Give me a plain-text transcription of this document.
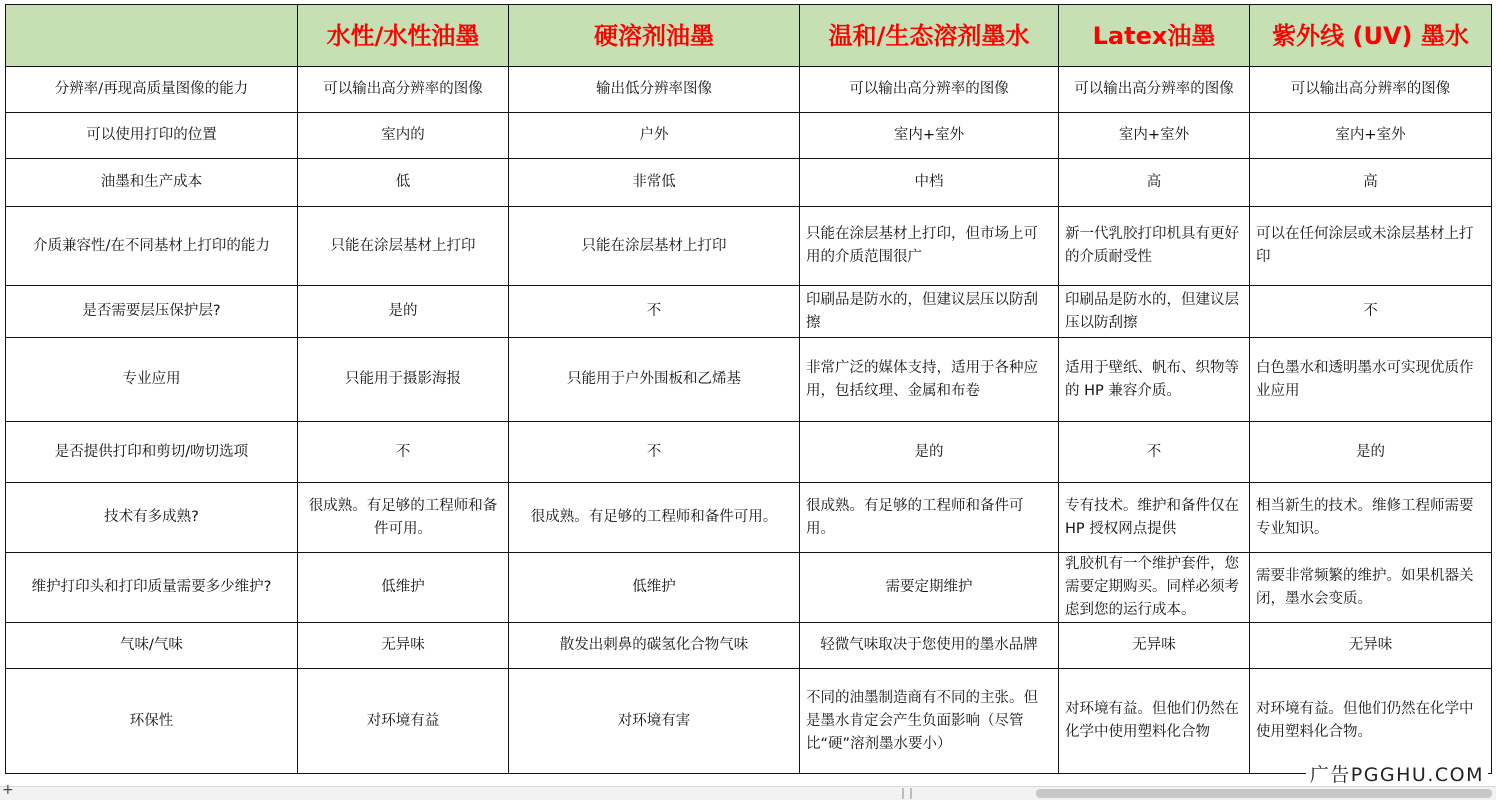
	水性/水性油墨	硬溶剂油墨	温和/生态溶剂墨水	Latex油墨	紫外线 (UV) 墨水
分辨率/再现高质量图像的能力	可以输出高分辨率的图像	输出低分辨率图像	可以输出高分辨率的图像	可以输出高分辨率的图像	可以输出高分辨率的图像
可以使用打印的位置	室内的	户外	室内+室外	室内+室外	室内+室外
油墨和生产成本	低	非常低	中档	高	高
介质兼容性/在不同基材上打印的能力	只能在涂层基材上打印	只能在涂层基材上打印	只能在涂层基材上打印，但市场上可用的介质范围很广	新一代乳胶打印机具有更好的介质耐受性	可以在任何涂层或未涂层基材上打印
是否需要层压保护层?	是的	不	印刷品是防水的，但建议层压以防刮擦	印刷品是防水的，但建议层压以防刮擦	不
专业应用	只能用于摄影海报	只能用于户外围板和乙烯基	非常广泛的媒体支持，适用于各种应用，包括纹理、金属和布卷	适用于壁纸、帆布、织物等的 HP 兼容介质。	白色墨水和透明墨水可实现优质作业应用
是否提供打印和剪切/吻切选项	不	不	是的	不	是的
技术有多成熟?	很成熟。有足够的工程师和备件可用。	很成熟。有足够的工程师和备件可用。	很成熟。有足够的工程师和备件可用。	专有技术。维护和备件仅在 HP 授权网点提供	相当新生的技术。维修工程师需要专业知识。
维护打印头和打印质量需要多少维护?	低维护	低维护	需要定期维护	乳胶机有一个维护套件，您需要定期购买。同样必须考虑到您的运行成本。	需要非常频繁的维护。如果机器关闭，墨水会变质。
气味/气味	无异味	散发出刺鼻的碳氢化合物气味	轻微气味取决于您使用的墨水品牌	无异味	无异味
环保性	对环境有益	对环境有害	不同的油墨制造商有不同的主张。但是墨水肯定会产生负面影响（尽管比“硬”溶剂墨水要小）	对环境有益。但他们仍然在化学中使用塑料化合物	对环境有益。但他们仍然在化学中使用塑料化合物。
广告PGGHU.COM
+
